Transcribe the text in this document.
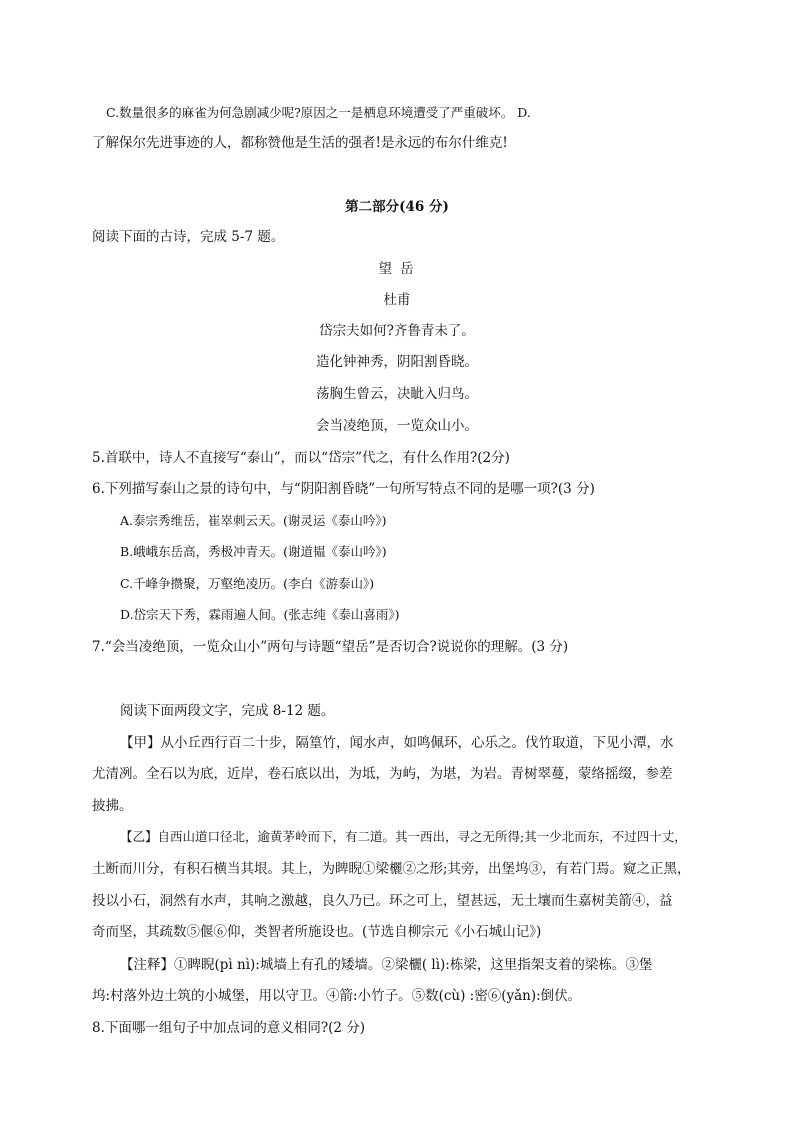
C.数量很多的麻雀为何急剧减少呢?原因之一是栖息环境遭受了严重破坏。 D.
了解保尔先进事迹的人，都称赞他是生活的强者!是永远的布尔什维克!
第二部分(46 分)
阅读下面的古诗，完成 5-7 题。
望 岳
杜甫
岱宗夫如何?齐鲁青未了。
造化钟神秀，阴阳割昏晓。
荡胸生曾云，决眦入归鸟。
会当凌绝顶，一览众山小。
5.首联中，诗人不直接写“泰山”，而以“岱宗”代之，有什么作用?(2分)
6.下列描写泰山之景的诗句中，与“阴阳割昏晓”一句所写特点不同的是哪一项?(3 分)
A.泰宗秀维岳，崔崒刺云天。(谢灵运《泰山吟》)
B.峨峨东岳高，秀极冲青天。(谢道韫《泰山吟》)
C.千峰争攒聚，万壑绝凌历。(李白《游泰山》)
D.岱宗天下秀，霖雨遍人间。(张志纯《泰山喜雨》)
7.“会当凌绝顶，一览众山小”两句与诗题“望岳”是否切合?说说你的理解。(3 分)
阅读下面两段文字，完成 8-12 题。
【甲】从小丘西行百二十步，隔篁竹，闻水声，如鸣佩环，心乐之。伐竹取道，下见小潭，水
尤清冽。全石以为底，近岸，卷石底以出，为坻，为屿，为堪，为岩。青树翠蔓，蒙络摇缀，参差
披拂。
【乙】自西山道口径北，逾黄茅岭而下，有二道。其一西出，寻之无所得;其一少北而东，不过四十丈，
土断而川分，有积石横当其垠。其上，为睥睨①梁欐②之形;其旁，出堡坞③，有若门焉。窥之正黑，
投以小石，洞然有水声，其响之激越，良久乃已。环之可上，望甚远，无土壤而生嘉树美箭④，益
奇而坚，其疏数⑤偃⑥仰，类智者所施设也。(节选自柳宗元《小石城山记》)
【注释】①睥睨(pì nì):城墙上有孔的矮墙。②梁欐( lì):栋梁，这里指架支着的梁栋。③堡
坞:村落外边土筑的小城堡，用以守卫。④箭:小竹子。⑤数(cù) :密⑥(yǎn):倒伏。
8.下面哪一组句子中加点词的意义相同?(2 分)
